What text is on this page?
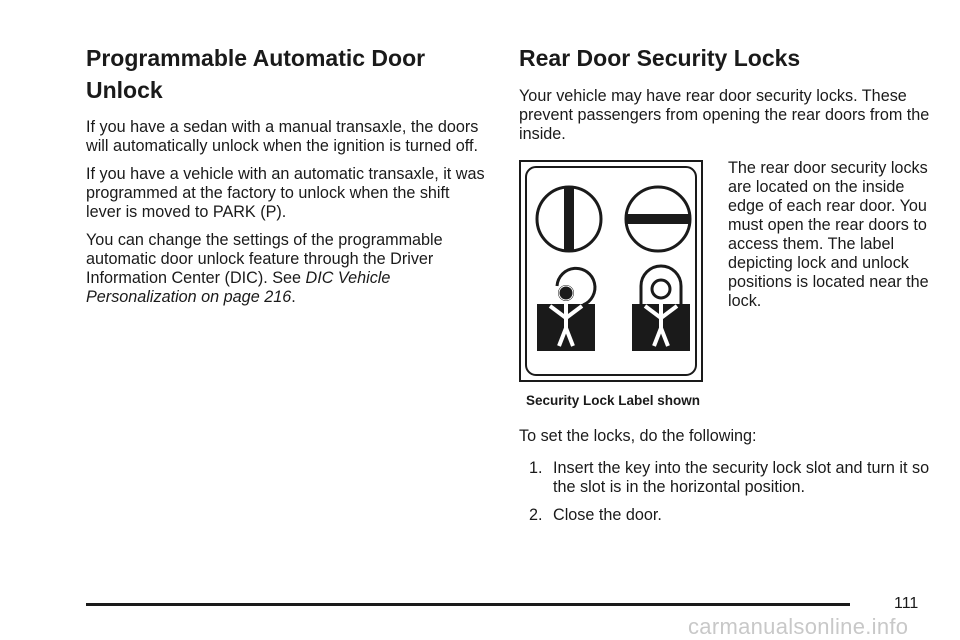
Programmable Automatic Door Unlock

If you have a sedan with a manual transaxle, the doors will automatically unlock when the ignition is turned off.

If you have a vehicle with an automatic transaxle, it was programmed at the factory to unlock when the shift lever is moved to PARK (P).

You can change the settings of the programmable automatic door unlock feature through the Driver Information Center (DIC). See DIC Vehicle Personalization on page 216.

Rear Door Security Locks

Your vehicle may have rear door security locks. These prevent passengers from opening the rear doors from the inside.

Security Lock Label shown
The rear door security locks are located on the inside edge of each rear door. You must open the rear doors to access them. The label depicting lock and unlock positions is located near the lock.

To set the locks, do the following:

1. Insert the key into the security lock slot and turn it so the slot is in the horizontal position.
2. Close the door.
111
carmanualsonline.info
